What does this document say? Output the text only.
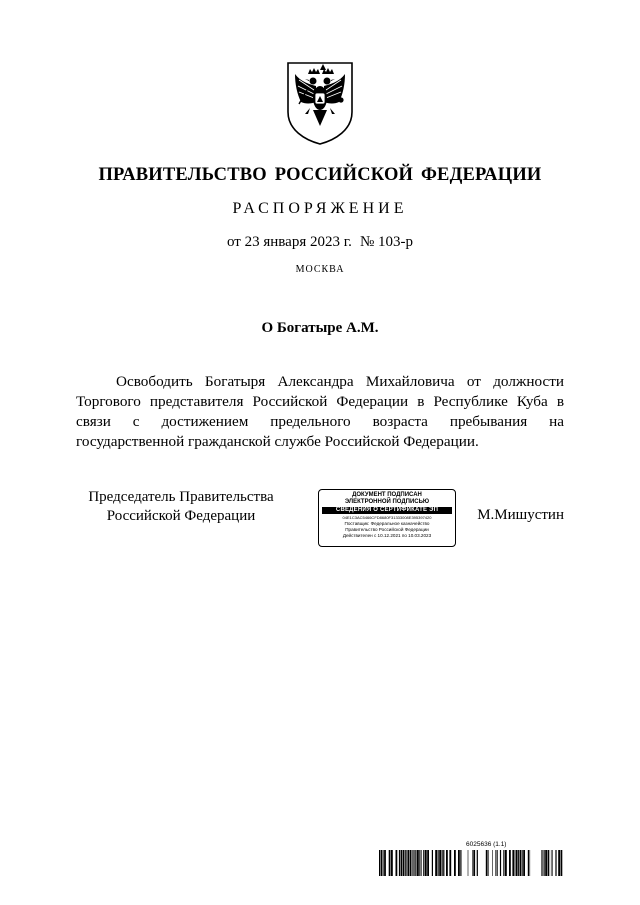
ПРАВИТЕЛЬСТВО РОССИЙСКОЙ ФЕДЕРАЦИИ
РАСПОРЯЖЕНИЕ
от 23 января 2023 г. № 103-р
МОСКВА
О Богатыре А.М.

Освободить Богатыря Александра Михайловича от должности Торгового представителя Российской Федерации в Республике Куба в связи с достижением предельного возраста пребывания на государственной гражданской службе Российской Федерации.

Председатель Правительства
Российской Федерации
ДОКУМЕНТ ПОДПИСАН
ЭЛЕКТРОННОЙ ПОДПИСЬЮ
СВЕДЕНИЯ О СЕРТИФИКАТЕ ЭП
04E1C3AC5466CFD8680F31333008E395397420
Поставщик: Федеральное казначейство
Правительство Российской Федерации
Действителен с 10.12.2021 по 10.03.2023
М.Мишустин
6025636 (1.1)
